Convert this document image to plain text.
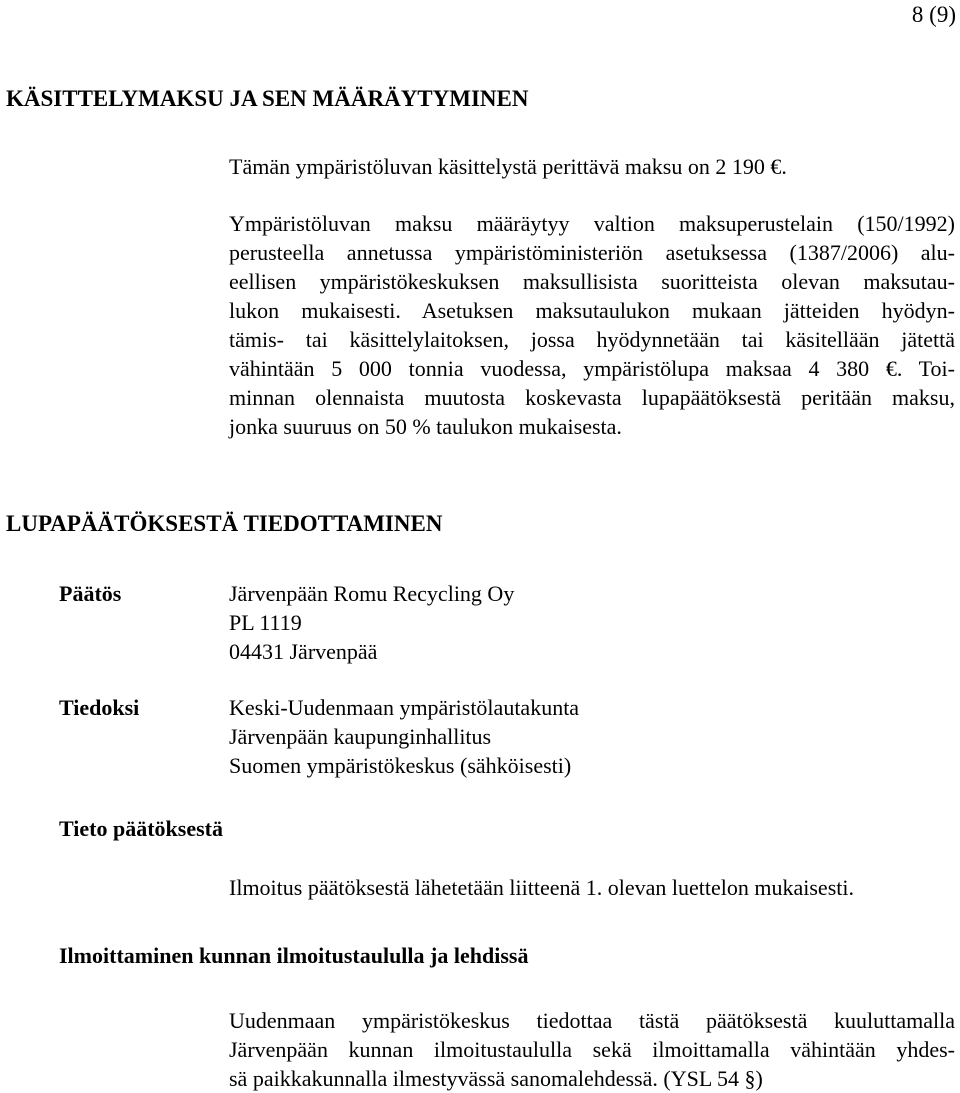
8 (9)
KÄSITTELYMAKSU JA SEN MÄÄRÄYTYMINEN
Tämän ympäristöluvan käsittelystä perittävä maksu on 2 190 €.
Ympäristöluvan maksu määräytyy valtion maksuperustelain (150/1992)
perusteella annetussa ympäristöministeriön asetuksessa (1387/2006) alu-
eellisen ympäristökeskuksen maksullisista suoritteista olevan maksutau-
lukon mukaisesti. Asetuksen maksutaulukon mukaan jätteiden hyödyn-
tämis- tai käsittelylaitoksen, jossa hyödynnetään tai käsitellään jätettä
vähintään 5 000 tonnia vuodessa, ympäristölupa maksaa 4 380 €. Toi-
minnan olennaista muutosta koskevasta lupapäätöksestä peritään maksu,
jonka suuruus on 50 % taulukon mukaisesta.
LUPAPÄÄTÖKSESTÄ TIEDOTTAMINEN
Päätös	Järvenpään Romu Recycling Oy
PL 1119
04431 Järvenpää
Tiedoksi	Keski-Uudenmaan ympäristölautakunta
Järvenpään kaupunginhallitus
Suomen ympäristökeskus (sähköisesti)
Tieto päätöksestä
Ilmoitus päätöksestä lähetetään liitteenä 1. olevan luettelon mukaisesti.
Ilmoittaminen kunnan ilmoitustaululla ja lehdissä
Uudenmaan ympäristökeskus tiedottaa tästä päätöksestä kuuluttamalla
Järvenpään kunnan ilmoitustaululla sekä ilmoittamalla vähintään yhdes-
sä paikkakunnalla ilmestyvässä sanomalehdessä. (YSL 54 §)
